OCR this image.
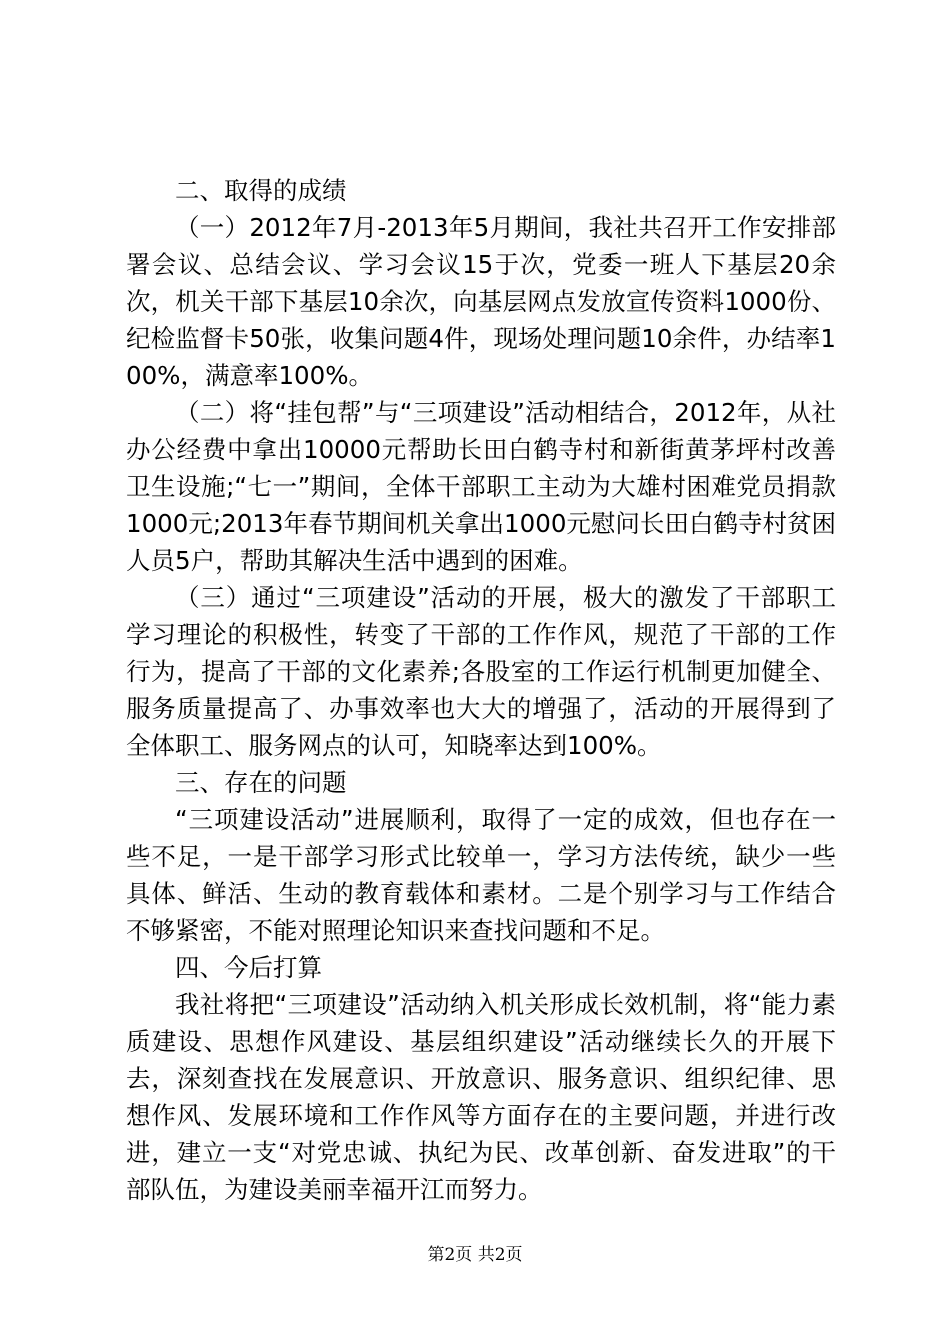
二、取得的成绩

（一）2012年7月-2013年5月期间，我社共召开工作安排部署会议、总结会议、学习会议15于次，党委一班人下基层20余次，机关干部下基层10余次，向基层网点发放宣传资料1000份、纪检监督卡50张，收集问题4件，现场处理问题10余件，办结率100%，满意率100%。

（二）将“挂包帮”与“三项建设”活动相结合，2012年，从社办公经费中拿出10000元帮助长田白鹤寺村和新街黄茅坪村改善卫生设施;“七一”期间，全体干部职工主动为大雄村困难党员捐款1000元;2013年春节期间机关拿出1000元慰问长田白鹤寺村贫困人员5户，帮助其解决生活中遇到的困难。

（三）通过“三项建设”活动的开展，极大的激发了干部职工学习理论的积极性，转变了干部的工作作风，规范了干部的工作行为，提高了干部的文化素养;各股室的工作运行机制更加健全、服务质量提高了、办事效率也大大的增强了，活动的开展得到了全体职工、服务网点的认可，知晓率达到100%。

三、存在的问题

“三项建设活动”进展顺利，取得了一定的成效，但也存在一些不足，一是干部学习形式比较单一，学习方法传统，缺少一些具体、鲜活、生动的教育载体和素材。二是个别学习与工作结合不够紧密，不能对照理论知识来查找问题和不足。

四、今后打算

我社将把“三项建设”活动纳入机关形成长效机制，将“能力素质建设、思想作风建设、基层组织建设”活动继续长久的开展下去，深刻查找在发展意识、开放意识、服务意识、组织纪律、思想作风、发展环境和工作作风等方面存在的主要问题，并进行改进，建立一支“对党忠诚、执纪为民、改革创新、奋发进取”的干部队伍，为建设美丽幸福开江而努力。

第2页 共2页
